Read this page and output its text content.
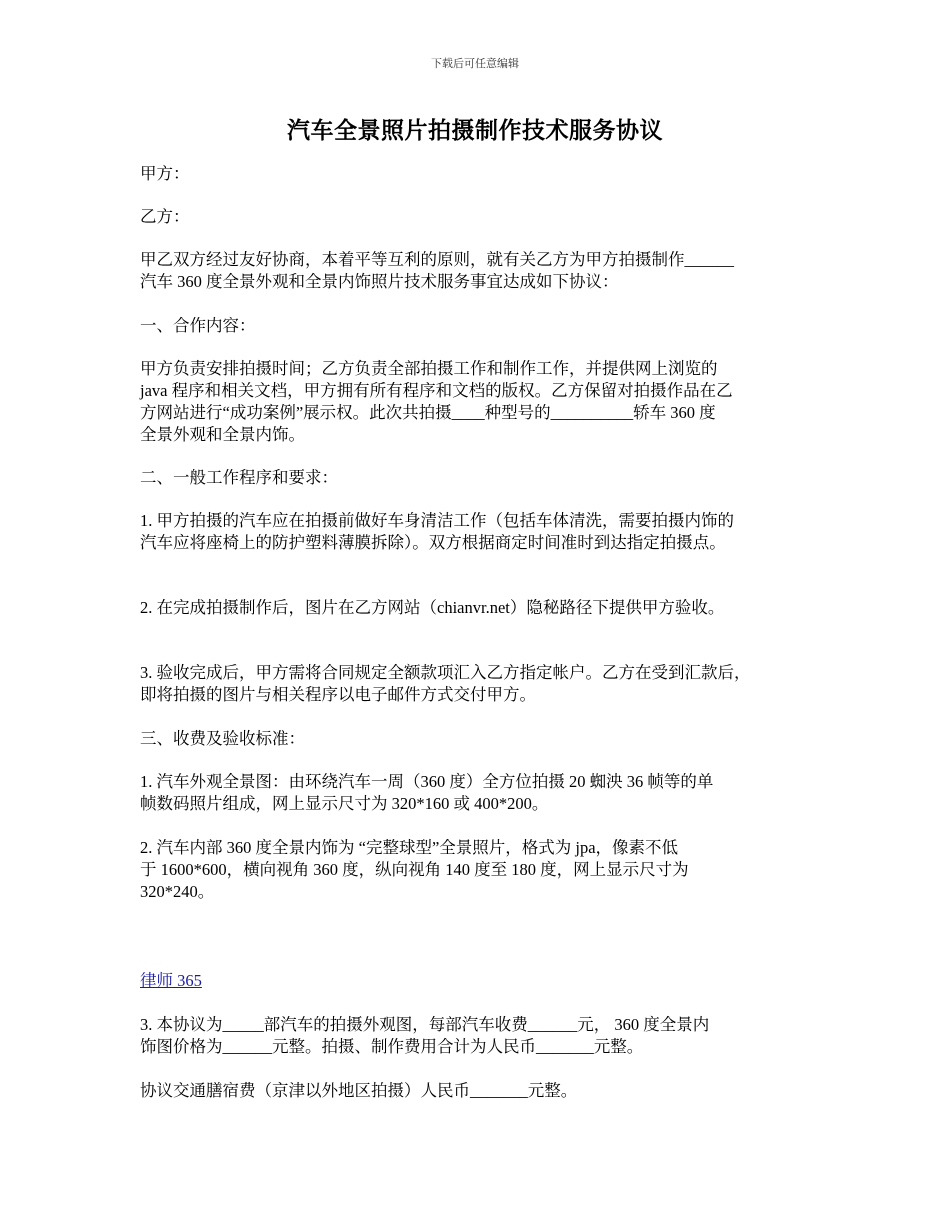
下载后可任意编辑
汽车全景照片拍摄制作技术服务协议

甲方：

乙方：

甲乙双方经过友好协商，本着平等互利的原则，就有关乙方为甲方拍摄制作______
汽车 360 度全景外观和全景内饰照片技术服务事宜达成如下协议：

一、合作内容：

甲方负责安排拍摄时间；乙方负责全部拍摄工作和制作工作，并提供网上浏览的
java 程序和相关文档，甲方拥有所有程序和文档的版权。乙方保留对拍摄作品在乙
方网站进行“成功案例”展示权。此次共拍摄____种型号的__________轿车 360 度
全景外观和全景内饰。

二、一般工作程序和要求：

1. 甲方拍摄的汽车应在拍摄前做好车身清洁工作（包括车体清洗，需要拍摄内饰的
汽车应将座椅上的防护塑料薄膜拆除）。双方根据商定时间准时到达指定拍摄点。

2. 在完成拍摄制作后，图片在乙方网站（chianvr.net）隐秘路径下提供甲方验收。

3. 验收完成后，甲方需将合同规定全额款项汇入乙方指定帐户。乙方在受到汇款后，
即将拍摄的图片与相关程序以电子邮件方式交付甲方。

三、收费及验收标准：

1. 汽车外观全景图：由环绕汽车一周（360 度）全方位拍摄 20 蜘泱 36 帧等的单
帧数码照片组成，网上显示尺寸为 320*160 或 400*200。

2. 汽车内部 360 度全景内饰为 “完整球型”全景照片，格式为 jpa，像素不低
于 1600*600，横向视角 360 度，纵向视角 140 度至 180 度，网上显示尺寸为
320*240。

律师 365

3. 本协议为_____部汽车的拍摄外观图，每部汽车收费______元， 360 度全景内
饰图价格为______元整。拍摄、制作费用合计为人民币_______元整。

协议交通膳宿费（京津以外地区拍摄）人民币_______元整。
